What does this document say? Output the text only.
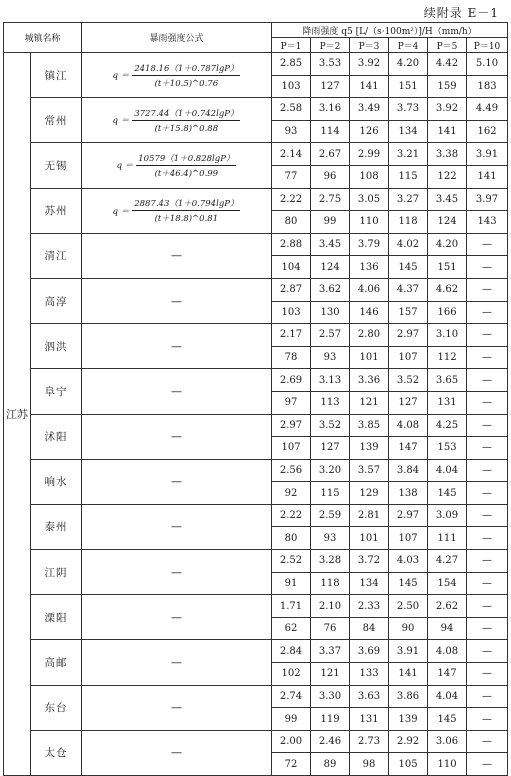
续附录 E－1
城镇名称		暴雨强度公式	降雨强度 q5 [L/（s·100m²）]/H（mm/h）					
			P＝1	P＝2	P＝3	P＝4	P＝5	P＝10
江苏	镇江	$q = \frac{2418.16(1+0.787\lg P)}{(t+10.5)\^{}0.76}$	2.85	3.53	3.92	4.20	4.42	5.10
			103	127	141	151	159	183
	常州	$q = \frac{3727.44(1+0.742\lg P)}{(t+15.8)\^{}0.88}$	2.58	3.16	3.49	3.73	3.92	4.49
			93	114	126	134	141	162
	无锡	$q = \frac{10579(1+0.828\lg P)}{(t+46.4)\^{}0.99}$	2.14	2.67	2.99	3.21	3.38	3.91
			77	96	108	115	122	141
	苏州	$q = \frac{2887.43(1+0.794\lg P)}{(t+18.8)\^{}0.81}$	2.22	2.75	3.05	3.27	3.45	3.97
			80	99	110	118	124	143
	清江	—	2.88	3.45	3.79	4.02	4.20	—
			104	124	136	145	151	—
	高淳	—	2.87	3.62	4.06	4.37	4.62	—
			103	130	146	157	166	—
	泗洪	—	2.17	2.57	2.80	2.97	3.10	—
			78	93	101	107	112	—
	阜宁	—	2.69	3.13	3.36	3.52	3.65	—
			97	113	121	127	131	—
	沭阳	—	2.97	3.52	3.85	4.08	4.25	—
			107	127	139	147	153	—
	响水	—	2.56	3.20	3.57	3.84	4.04	—
			92	115	129	138	145	—
	泰州	—	2.22	2.59	2.81	2.97	3.09	—
			80	93	101	107	111	—
	江阴	—	2.52	3.28	3.72	4.03	4.27	—
			91	118	134	145	154	—
	溧阳	—	1.71	2.10	2.33	2.50	2.62	—
			62	76	84	90	94	—
	高邮	—	2.84	3.37	3.69	3.91	4.08	—
			102	121	133	141	147	—
	东台	—	2.74	3.30	3.63	3.86	4.04	—
			99	119	131	139	145	—
	太仓	—	2.00	2.46	2.73	2.92	3.06	—
			72	89	98	105	110	—
